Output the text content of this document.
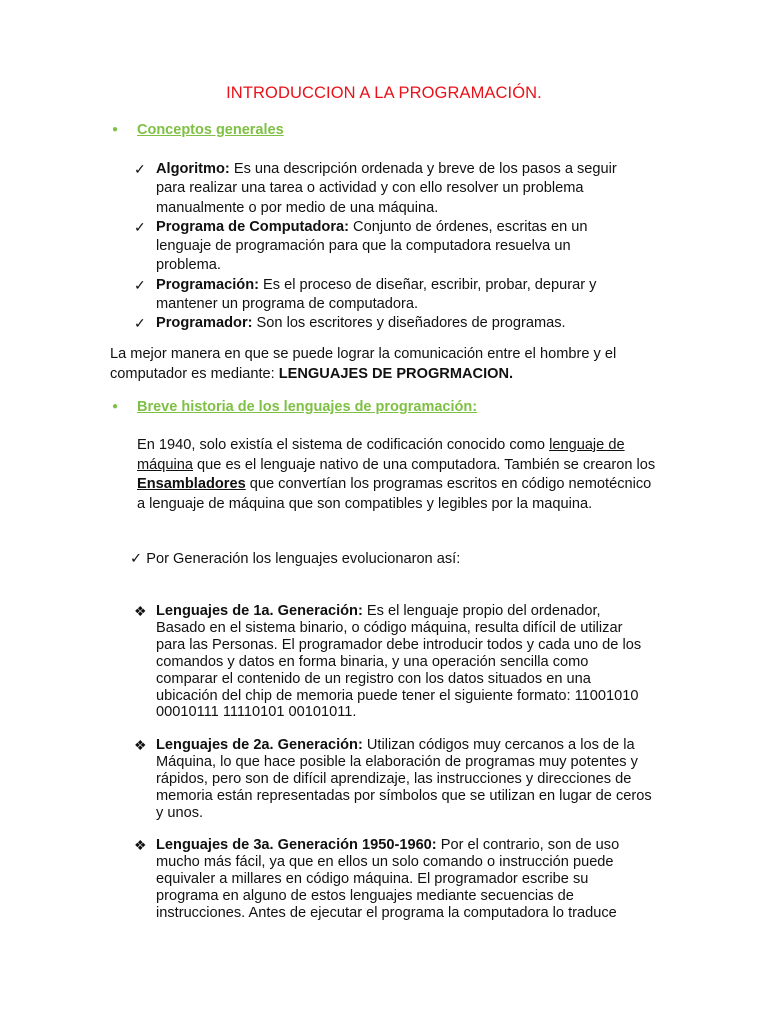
INTRODUCCION A LA PROGRAMACIÓN.
● Conceptos generales
✓ Algoritmo: Es una descripción ordenada y breve de los pasos a seguir para realizar una tarea o actividad y con ello resolver un problema manualmente o por medio de una máquina.
✓ Programa de Computadora: Conjunto de órdenes, escritas en un lenguaje de programación para que la computadora resuelva un problema.
✓ Programación: Es el proceso de diseñar, escribir, probar, depurar y mantener un programa de computadora.
✓ Programador: Son los escritores y diseñadores de programas.
La mejor manera en que se puede lograr la comunicación entre el hombre y el computador es mediante: LENGUAJES DE PROGRMACION.
● Breve historia de los lenguajes de programación:
En 1940, solo existía el sistema de codificación conocido como lenguaje de máquina que es el lenguaje nativo de una computadora. También se crearon los Ensambladores que convertían los programas escritos en código nemotécnico a lenguaje de máquina que son compatibles y legibles por la maquina.
✓ Por Generación los lenguajes evolucionaron así:
❖ Lenguajes de 1a. Generación: Es el lenguaje propio del ordenador, Basado en el sistema binario, o código máquina, resulta difícil de utilizar para las Personas. El programador debe introducir todos y cada uno de los comandos y datos en forma binaria, y una operación sencilla como comparar el contenido de un registro con los datos situados en una ubicación del chip de memoria puede tener el siguiente formato: 11001010 00010111 11110101 00101011.
❖ Lenguajes de 2a. Generación: Utilizan códigos muy cercanos a los de la Máquina, lo que hace posible la elaboración de programas muy potentes y rápidos, pero son de difícil aprendizaje, las instrucciones y direcciones de memoria están representadas por símbolos que se utilizan en lugar de ceros y unos.
❖ Lenguajes de 3a. Generación 1950-1960: Por el contrario, son de uso mucho más fácil, ya que en ellos un solo comando o instrucción puede equivaler a millares en código máquina. El programador escribe su programa en alguno de estos lenguajes mediante secuencias de instrucciones. Antes de ejecutar el programa la computadora lo traduce
